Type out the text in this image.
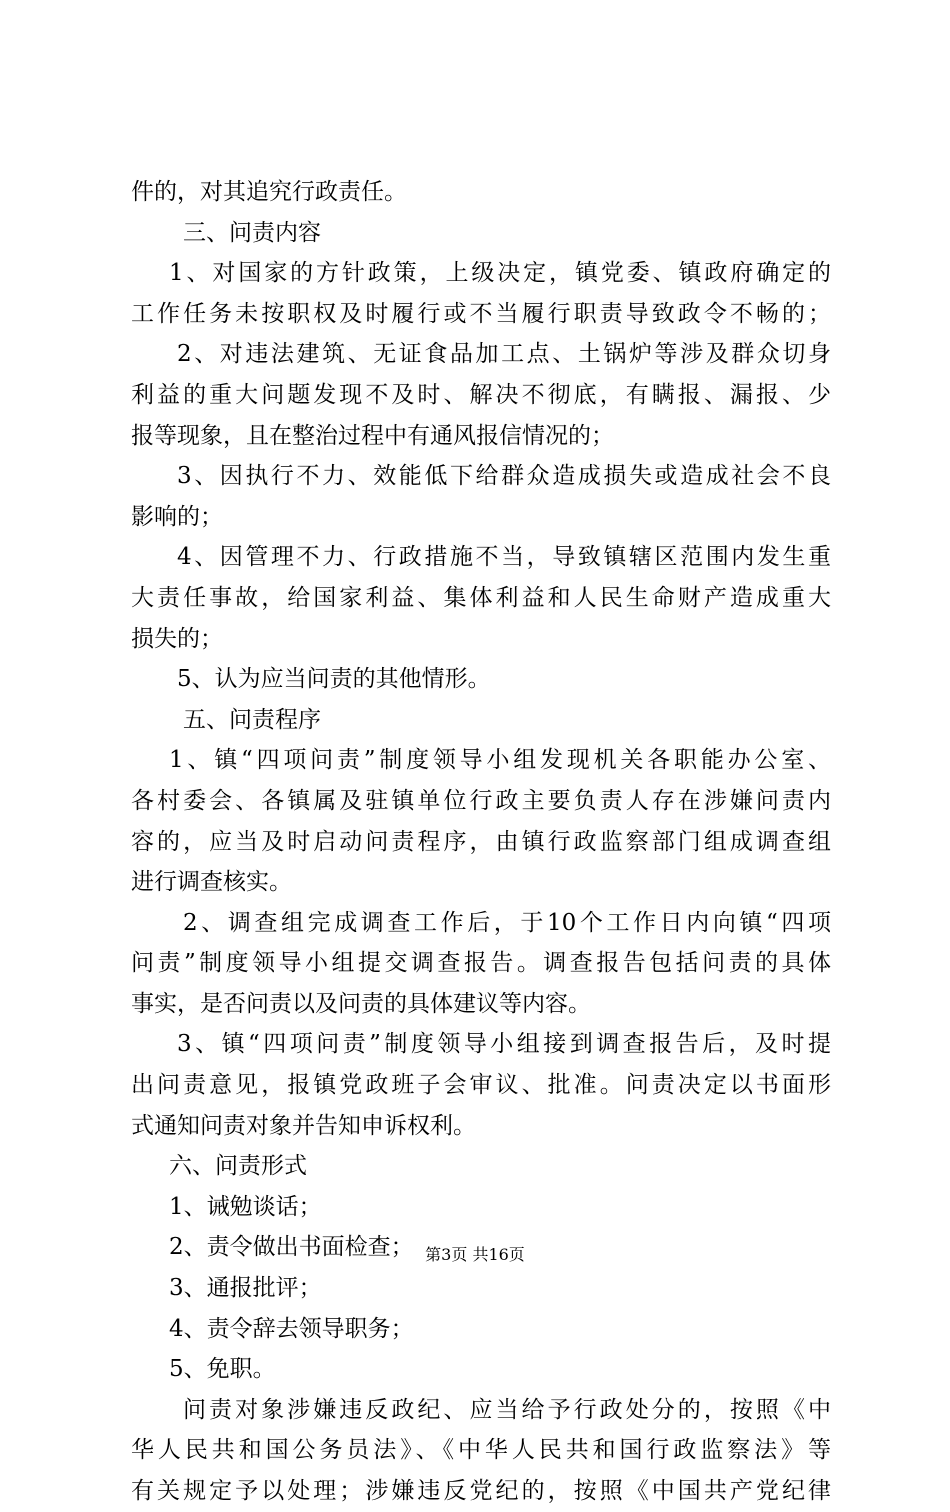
件的，对其追究行政责任。
三、问责内容
1、对国家的方针政策，上级决定，镇党委、镇政府确定的
工作任务未按职权及时履行或不当履行职责导致政令不畅的；
2、对违法建筑、无证食品加工点、土锅炉等涉及群众切身
利益的重大问题发现不及时、解决不彻底，有瞒报、漏报、少
报等现象，且在整治过程中有通风报信情况的；
3、因执行不力、效能低下给群众造成损失或造成社会不良
影响的；
4、因管理不力、行政措施不当，导致镇辖区范围内发生重
大责任事故，给国家利益、集体利益和人民生命财产造成重大
损失的；
5、认为应当问责的其他情形。
五、问责程序
1、镇“四项问责”制度领导小组发现机关各职能办公室、
各村委会、各镇属及驻镇单位行政主要负责人存在涉嫌问责内
容的，应当及时启动问责程序，由镇行政监察部门组成调查组
进行调查核实。
2、调查组完成调查工作后，于10个工作日内向镇“四项
问责”制度领导小组提交调查报告。调查报告包括问责的具体
事实，是否问责以及问责的具体建议等内容。
3、镇“四项问责”制度领导小组接到调查报告后，及时提
出问责意见，报镇党政班子会审议、批准。问责决定以书面形
式通知问责对象并告知申诉权利。
六、问责形式
1、诫勉谈话；
2、责令做出书面检查；
3、通报批评；
4、责令辞去领导职务；
5、免职。
问责对象涉嫌违反政纪、应当给予行政处分的，按照《中
华人民共和国公务员法》、《中华人民共和国行政监察法》等
有关规定予以处理；涉嫌违反党纪的，按照《中国共产党纪律
第3页 共16页
